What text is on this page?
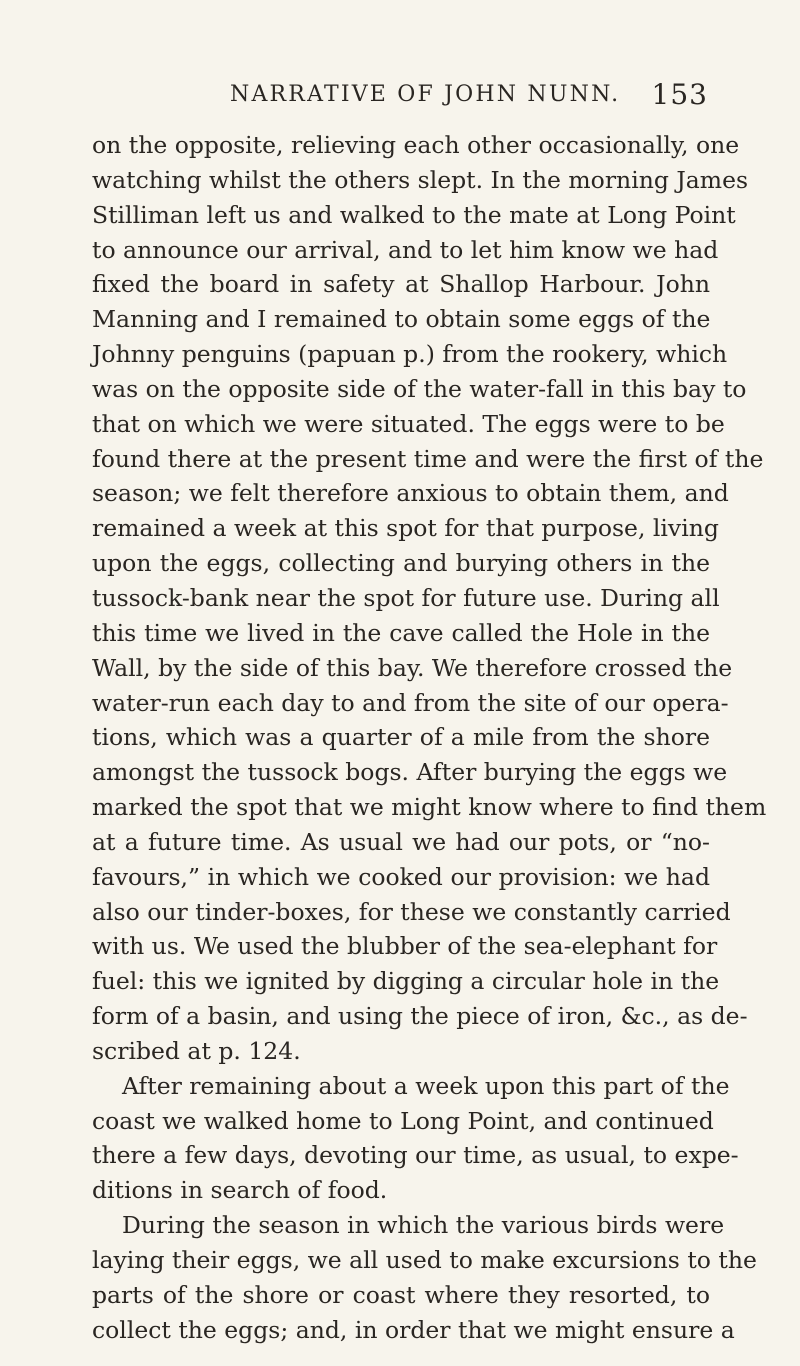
NARRATIVE OF JOHN NUNN. 153
on the opposite, relieving each other occasionally, one
watching whilst the others slept. In the morning James
Stilliman left us and walked to the mate at Long Point
to announce our arrival, and to let him know we had
fixed the board in safety at Shallop Harbour. John
Manning and I remained to obtain some eggs of the
Johnny penguins (papuan p.) from the rookery, which
was on the opposite side of the water-fall in this bay to
that on which we were situated. The eggs were to be
found there at the present time and were the first of the
season; we felt therefore anxious to obtain them, and
remained a week at this spot for that purpose, living
upon the eggs, collecting and burying others in the
tussock-bank near the spot for future use. During all
this time we lived in the cave called the Hole in the
Wall, by the side of this bay. We therefore crossed the
water-run each day to and from the site of our opera-
tions, which was a quarter of a mile from the shore
amongst the tussock bogs. After burying the eggs we
marked the spot that we might know where to find them
at a future time. As usual we had our pots, or “no-
favours,” in which we cooked our provision: we had
also our tinder-boxes, for these we constantly carried
with us. We used the blubber of the sea-elephant for
fuel: this we ignited by digging a circular hole in the
form of a basin, and using the piece of iron, &c., as de-
scribed at p. 124.
After remaining about a week upon this part of the
coast we walked home to Long Point, and continued
there a few days, devoting our time, as usual, to expe-
ditions in search of food.
During the season in which the various birds were
laying their eggs, we all used to make excursions to the
parts of the shore or coast where they resorted, to
collect the eggs; and, in order that we might ensure a
